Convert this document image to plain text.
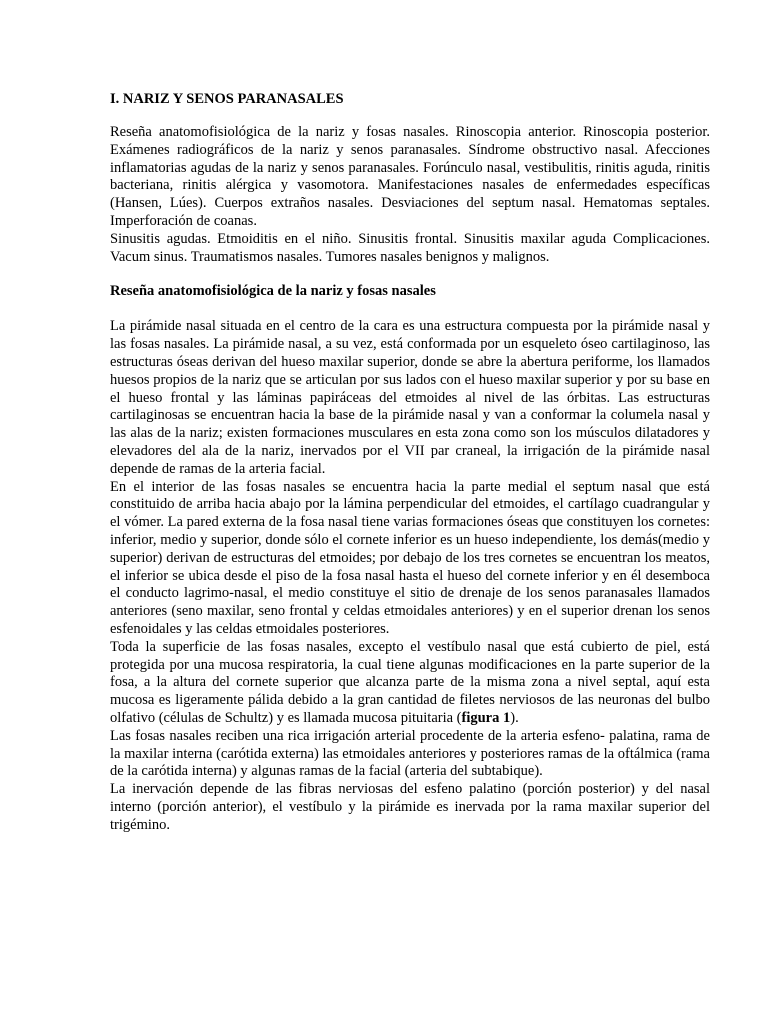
I. NARIZ Y SENOS PARANASALES

Reseña anatomofisiológica de la nariz y fosas nasales. Rinoscopia anterior. Rinoscopia posterior. Exámenes radiográficos de la nariz y senos paranasales. Síndrome obstructivo nasal. Afecciones inflamatorias agudas de la nariz y senos paranasales. Forúnculo nasal, vestibulitis, rinitis aguda, rinitis bacteriana, rinitis alérgica y vasomotora. Manifestaciones nasales de enfermedades específicas (Hansen, Lúes). Cuerpos extraños nasales. Desviaciones del septum nasal. Hematomas septales. Imperforación de coanas.

Sinusitis agudas. Etmoiditis en el niño. Sinusitis frontal. Sinusitis maxilar aguda Complicaciones. Vacum sinus. Traumatismos nasales. Tumores nasales benignos y malignos.

Reseña anatomofisiológica de la nariz y fosas nasales

La pirámide nasal situada en el centro de la cara es una estructura compuesta por la pirámide nasal y las fosas nasales. La pirámide nasal, a su vez, está conformada por un esqueleto óseo cartilaginoso, las estructuras óseas derivan del hueso maxilar superior, donde se abre la abertura periforme, los llamados huesos propios de la nariz que se articulan por sus lados con el hueso maxilar superior y por su base en el hueso frontal y las láminas papiráceas del etmoides al nivel de las órbitas. Las estructuras cartilaginosas se encuentran hacia la base de la pirámide nasal y van a conformar la columela nasal y las alas de la nariz; existen formaciones musculares en esta zona como son los músculos dilatadores y elevadores del ala de la nariz, inervados por el VII par craneal, la irrigación de la pirámide nasal depende de ramas de la arteria facial.

En el interior de las fosas nasales se encuentra hacia la parte medial el septum nasal que está constituido de arriba hacia abajo por la lámina perpendicular del etmoides, el cartílago cuadrangular y el vómer. La pared externa de la fosa nasal tiene varias formaciones óseas que constituyen los cornetes: inferior, medio y superior, donde sólo el cornete inferior es un hueso independiente, los demás(medio y superior) derivan de estructuras del etmoides; por debajo de los tres cornetes se encuentran los meatos, el inferior se ubica desde el piso de la fosa nasal hasta el hueso del cornete inferior y en él desemboca el conducto lagrimo-nasal, el medio constituye el sitio de drenaje de los senos paranasales llamados anteriores (seno maxilar, seno frontal y celdas etmoidales anteriores) y en el superior drenan los senos esfenoidales y las celdas etmoidales posteriores.

Toda la superficie de las fosas nasales, excepto el vestíbulo nasal que está cubierto de piel, está protegida por una mucosa respiratoria, la cual tiene algunas modificaciones en la parte superior de la fosa, a la altura del cornete superior que alcanza parte de la misma zona a nivel septal, aquí esta mucosa es ligeramente pálida debido a la gran cantidad de filetes nerviosos de las neuronas del bulbo olfativo (células de Schultz) y es llamada mucosa pituitaria (figura 1).

Las fosas nasales reciben una rica irrigación arterial procedente de la arteria esfeno- palatina, rama de la maxilar interna (carótida externa) las etmoidales anteriores y posteriores ramas de la oftálmica (rama de la carótida interna) y algunas ramas de la facial (arteria del subtabique).

La inervación depende de las fibras nerviosas del esfeno palatino (porción posterior) y del nasal interno (porción anterior), el vestíbulo y la pirámide es inervada por la rama maxilar superior del trigémino.
